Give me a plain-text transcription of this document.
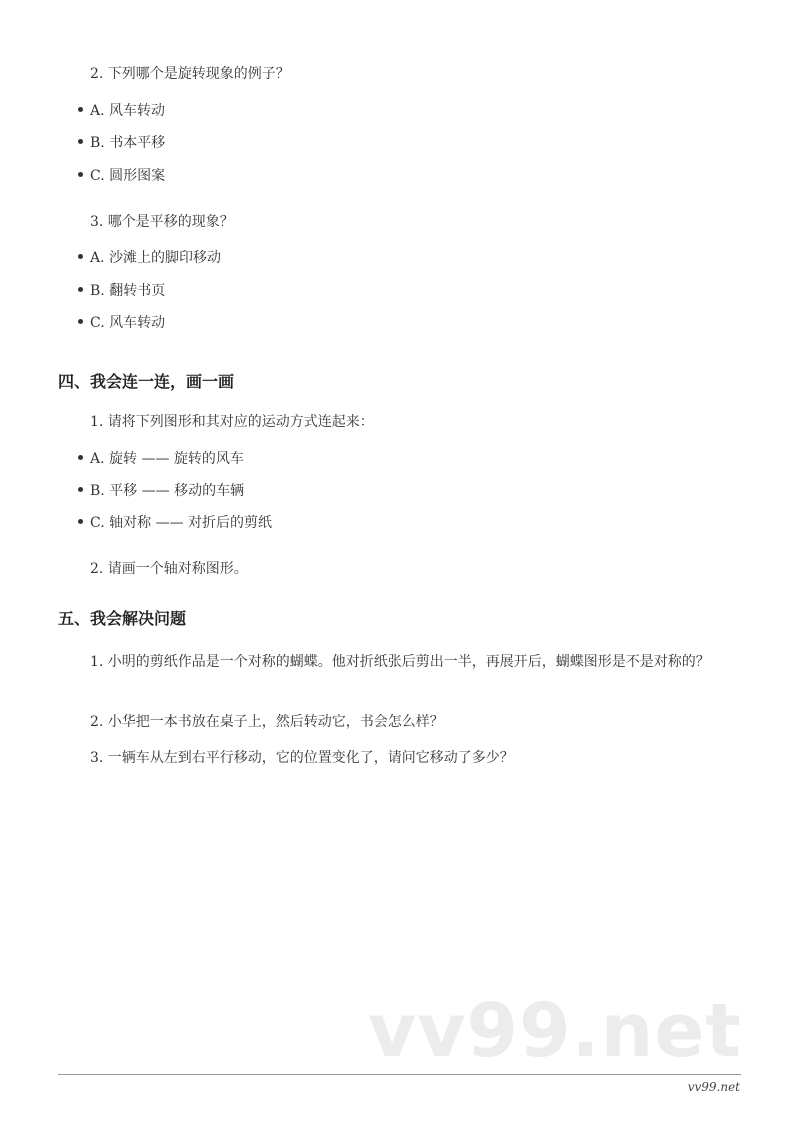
2. 下列哪个是旋转现象的例子？
A. 风车转动
B. 书本平移
C. 圆形图案
3. 哪个是平移的现象？
A. 沙滩上的脚印移动
B. 翻转书页
C. 风车转动
四、我会连一连，画一画
1. 请将下列图形和其对应的运动方式连起来：
A. 旋转 —— 旋转的风车
B. 平移 —— 移动的车辆
C. 轴对称 —— 对折后的剪纸
2. 请画一个轴对称图形。
五、我会解决问题
1. 小明的剪纸作品是一个对称的蝴蝶。他对折纸张后剪出一半，再展开后，蝴蝶图形是不是对称的？
2. 小华把一本书放在桌子上，然后转动它，书会怎么样？
3. 一辆车从左到右平行移动，它的位置变化了，请问它移动了多少？
vv99.net
vv99.net
